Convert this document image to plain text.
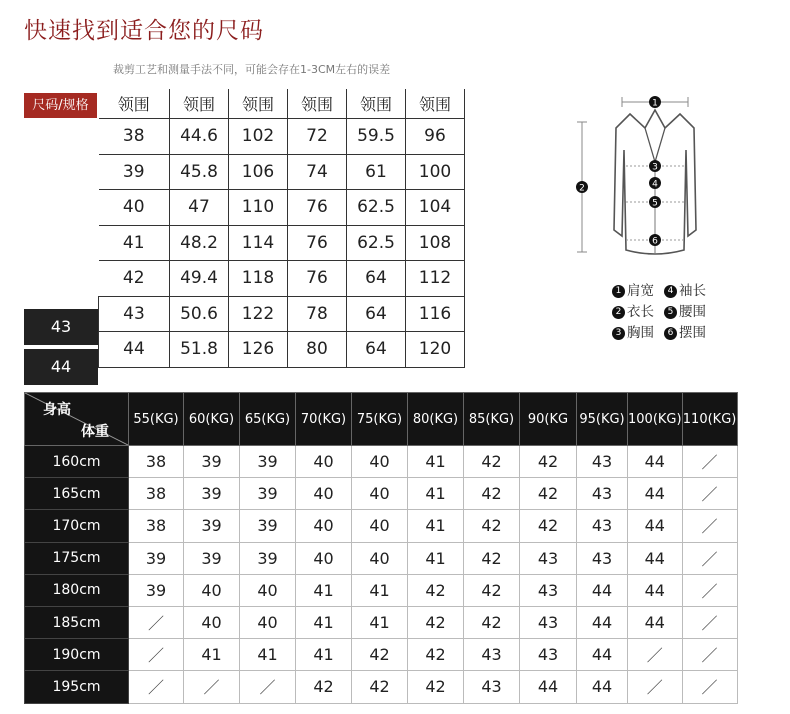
快速找到适合您的尺码
裁剪工艺和测量手法不同，可能会存在1-3CM左右的误差
尺码/规格	领围	领围	领围	领围	领围	领围
38	44.6	102	72	59.5	96
39	45.8	106	74	61	100
40	47	110	76	62.5	104
41	48.2	114	76	62.5	108
42	49.4	118	76	64	112
43	50.6	122	78	64	116
44	51.8	126	80	64	120
43
44
1
2
3
4
5
6
1 肩宽 4 袖长
2 衣长 5 腰围
3 胸围 6 摆围
身高
体重	55(KG)	60(KG)	65(KG)	70(KG)	75(KG)	80(KG)	85(KG)	90(KG	95(KG)	100(KG)	110(KG)
160cm	38	39	39	40	40	41	42	42	43	44	／
165cm	38	39	39	40	40	41	42	42	43	44	／
170cm	38	39	39	40	40	41	42	42	43	44	／
175cm	39	39	39	40	40	41	42	43	43	44	／
180cm	39	40	40	41	41	42	42	43	44	44	／
185cm	／	40	40	41	41	42	42	43	44	44	／
190cm	／	41	41	41	42	42	43	43	44	／	／
195cm	／	／	／	42	42	42	43	44	44	／	／
